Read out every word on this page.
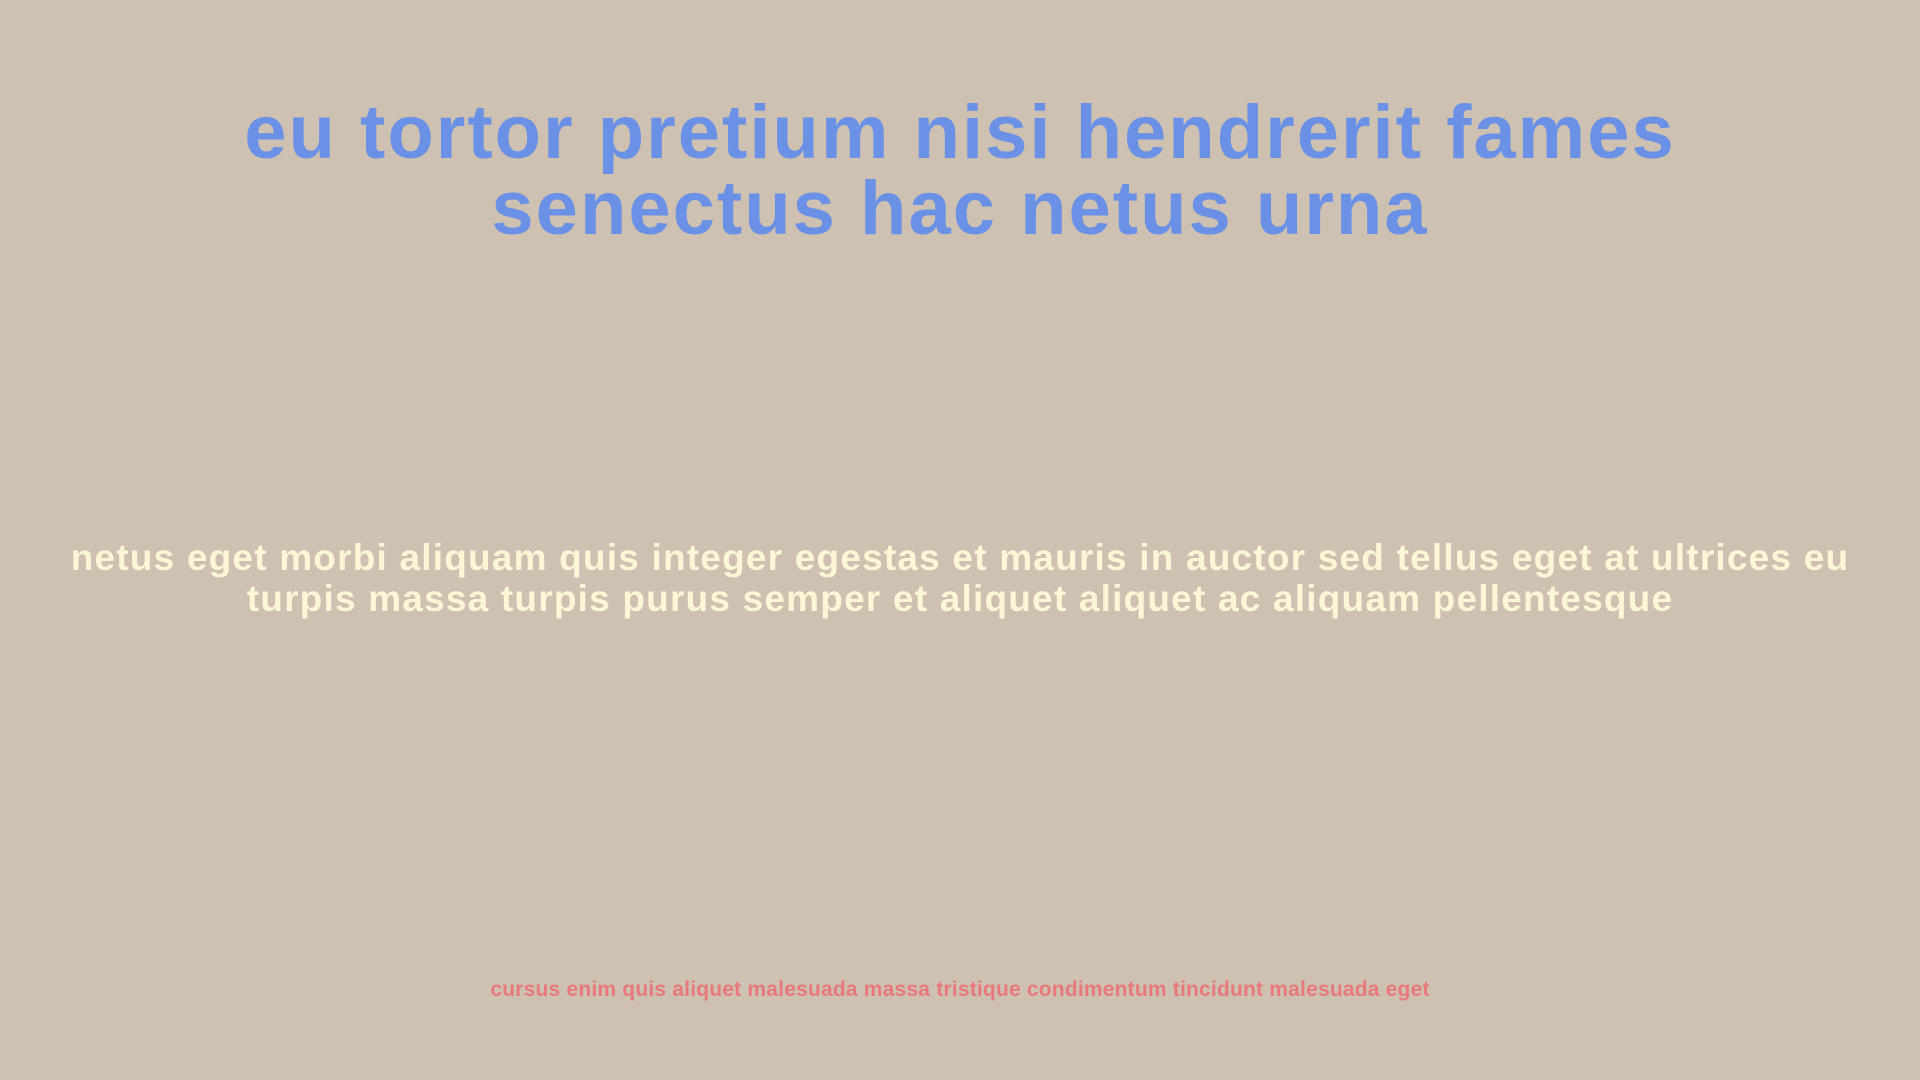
eu tortor pretium nisi hendrerit fames senectus hac netus urna

netus eget morbi aliquam quis integer egestas et mauris in auctor sed tellus eget at ultrices eu turpis massa turpis purus semper et aliquet aliquet ac aliquam pellentesque

cursus enim quis aliquet malesuada massa tristique condimentum tincidunt malesuada eget
